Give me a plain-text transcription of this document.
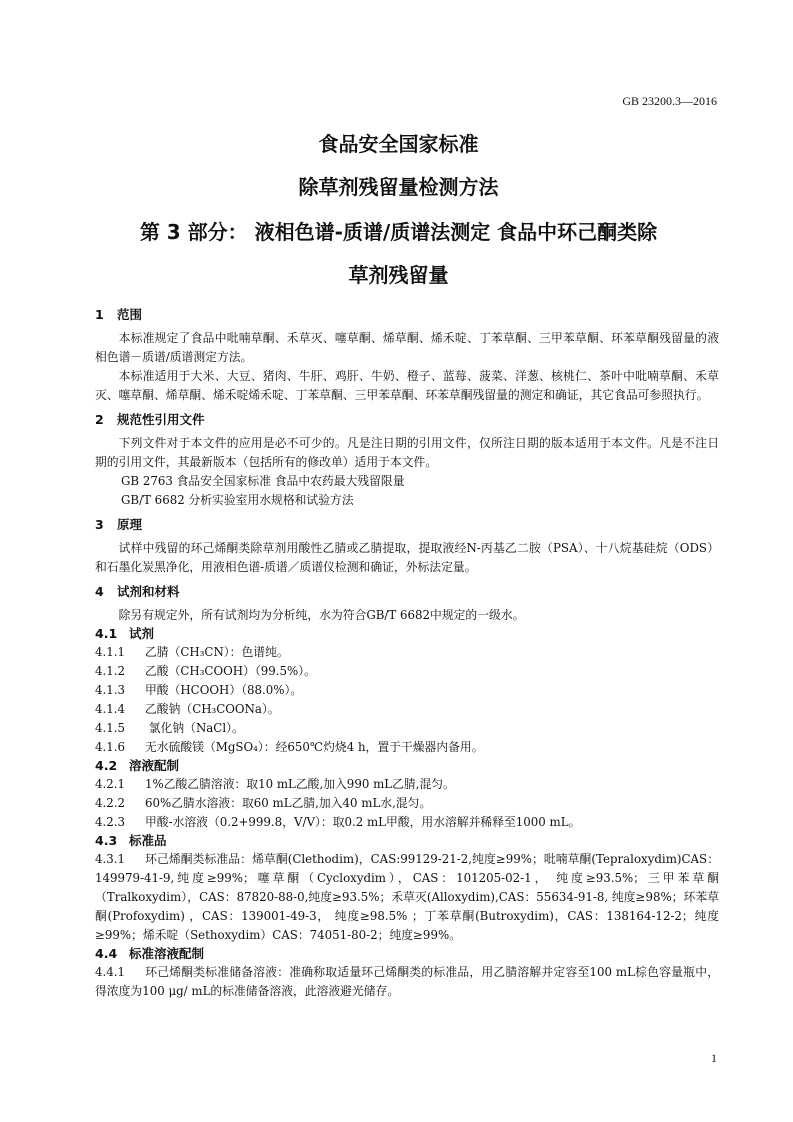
GB 23200.3—2016
食品安全国家标准
除草剂残留量检测方法
第 3 部分： 液相色谱-质谱/质谱法测定 食品中环己酮类除
草剂残留量
1 范围

本标准规定了食品中吡喃草酮、禾草灭、噻草酮、烯草酮、烯禾啶、丁苯草酮、三甲苯草酮、环苯草酮残留量的液相色谱－质谱/质谱测定方法。

本标准适用于大米、大豆、猪肉、牛肝、鸡肝、牛奶、橙子、蓝莓、菠菜、洋葱、核桃仁、茶叶中吡喃草酮、禾草灭、噻草酮、烯草酮、烯禾啶烯禾啶、丁苯草酮、三甲苯草酮、环苯草酮残留量的测定和确证，其它食品可参照执行。

2 规范性引用文件

下列文件对于本文件的应用是必不可少的。凡是注日期的引用文件，仅所注日期的版本适用于本文件。凡是不注日期的引用文件，其最新版本（包括所有的修改单）适用于本文件。

GB 2763 食品安全国家标准 食品中农药最大残留限量

GB/T 6682 分析实验室用水规格和试验方法

3 原理

试样中残留的环己烯酮类除草剂用酸性乙腈或乙腈提取，提取液经N-丙基乙二胺（PSA）、十八烷基硅烷（ODS）和石墨化炭黑净化，用液相色谱-质谱／质谱仪检测和确证，外标法定量。

4 试剂和材料

除另有规定外，所有试剂均为分析纯，水为符合GB/T 6682中规定的一级水。

4.1 试剂
4.1.1 乙腈（CH₃CN）：色谱纯。
4.1.2 乙酸（CH₃COOH）（99.5%）。
4.1.3 甲酸（HCOOH）（88.0%）。
4.1.4 乙酸钠（CH₃COONa）。
4.1.5 氯化钠（NaCl）。
4.1.6 无水硫酸镁（MgSO₄）：经650℃灼烧4 h，置于干燥器内备用。
4.2 溶液配制
4.2.1 1%乙酸乙腈溶液：取10 mL乙酸,加入990 mL乙腈,混匀。
4.2.2 60%乙腈水溶液：取60 mL乙腈,加入40 mL水,混匀。
4.2.3 甲酸-水溶液（0.2+999.8，V/V）：取0.2 mL甲酸，用水溶解并稀释至1000 mL。
4.3 标准品
4.3.1 环己烯酮类标准品：烯草酮(Clethodim)，CAS:99129-21-2,纯度≥99%；吡喃草酮(Tepraloxydim)CAS：149979-41-9,纯度≥99%；噻草酮（Cycloxydim），CAS：101205-02-1， 纯度≥93.5%；三甲苯草酮（Tralkoxydim），CAS：87820-88-0,纯度≥93.5%；禾草灭(Alloxydim),CAS：55634-91-8, 纯度≥98%；环苯草酮(Profoxydim) ，CAS：139001-49-3， 纯度≥98.5% ；丁苯草酮(Butroxydim)，CAS：138164-12-2；纯度≥99%；烯禾啶（Sethoxydim）CAS：74051-80-2；纯度≥99%。
4.4 标准溶液配制
4.4.1 环己烯酮类标准储备溶液：准确称取适量环己烯酮类的标准品，用乙腈溶解并定容至100 mL棕色容量瓶中，得浓度为100 μg/ mL的标准储备溶液，此溶液避光储存。
1
